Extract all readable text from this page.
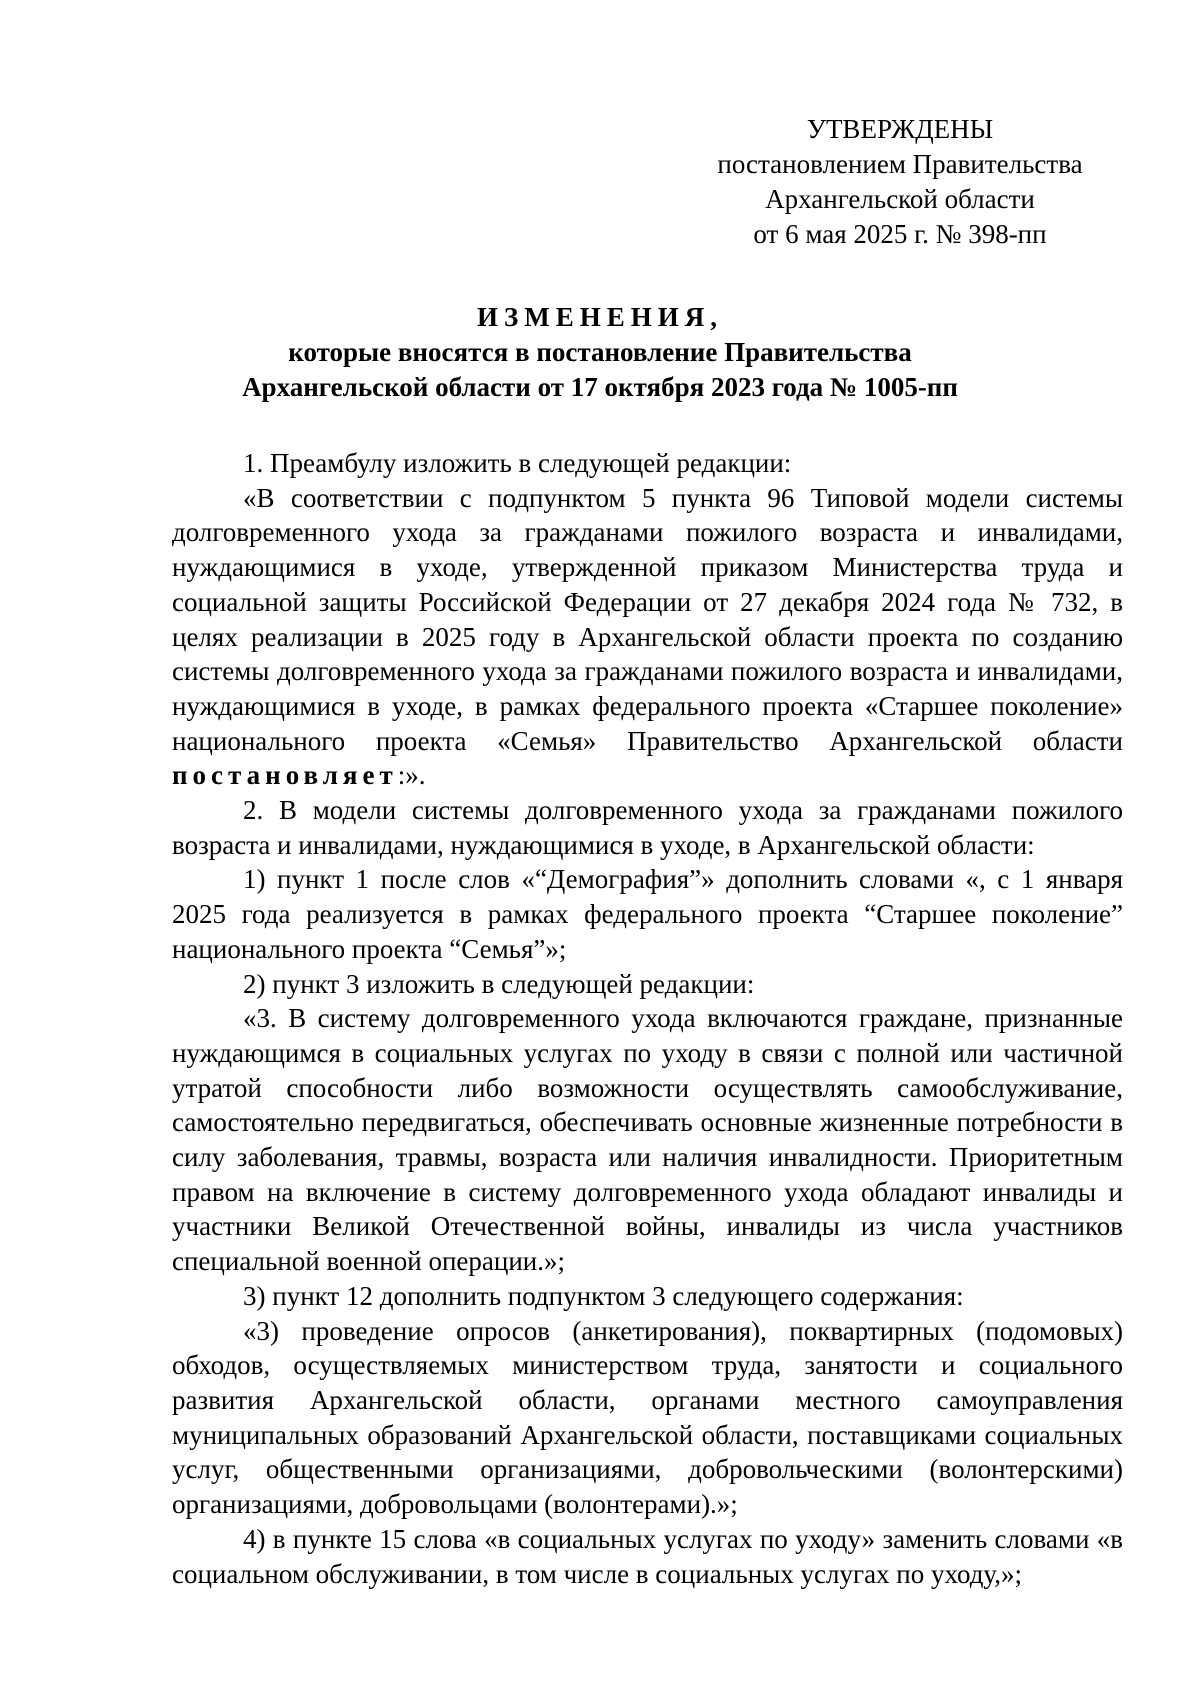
УТВЕРЖДЕНЫ
постановлением Правительства
Архангельской области
от 6 мая 2025 г. № 398-пп
ИЗМЕНЕНИЯ,
которые вносятся в постановление Правительства
Архангельской области от 17 октября 2023 года № 1005-пп

1. Преамбулу изложить в следующей редакции:

«В соответствии с подпунктом 5 пункта 96 Типовой модели системы долговременного ухода за гражданами пожилого возраста и инвалидами, нуждающимися в уходе, утвержденной приказом Министерства труда и социальной защиты Российской Федерации от 27 декабря 2024 года № 732, в целях реализации в 2025 году в Архангельской области проекта по созданию системы долговременного ухода за гражданами пожилого возраста и инвалидами, нуждающимися в уходе, в рамках федерального проекта «Старшее поколение» национального проекта «Семья» Правительство Архангельской области постановляет:».

2. В модели системы долговременного ухода за гражданами пожилого возраста и инвалидами, нуждающимися в уходе, в Архангельской области:

1) пункт 1 после слов «“Демография”» дополнить словами «, с 1 января 2025 года реализуется в рамках федерального проекта “Старшее поколение” национального проекта “Семья”»;

2) пункт 3 изложить в следующей редакции:

«3. В систему долговременного ухода включаются граждане, признанные нуждающимся в социальных услугах по уходу в связи с полной или частичной утратой способности либо возможности осуществлять самообслуживание, самостоятельно передвигаться, обеспечивать основные жизненные потребности в силу заболевания, травмы, возраста или наличия инвалидности. Приоритетным правом на включение в систему долговременного ухода обладают инвалиды и участники Великой Отечественной войны, инвалиды из числа участников специальной военной операции.»;

3) пункт 12 дополнить подпунктом 3 следующего содержания:

«3) проведение опросов (анкетирования), поквартирных (подомовых) обходов, осуществляемых министерством труда, занятости и социального развития Архангельской области, органами местного самоуправления муниципальных образований Архангельской области, поставщиками социальных услуг, общественными организациями, добровольческими (волонтерскими) организациями, добровольцами (волонтерами).»;

4) в пункте 15 слова «в социальных услугах по уходу» заменить словами «в социальном обслуживании, в том числе в социальных услугах по уходу,»;
